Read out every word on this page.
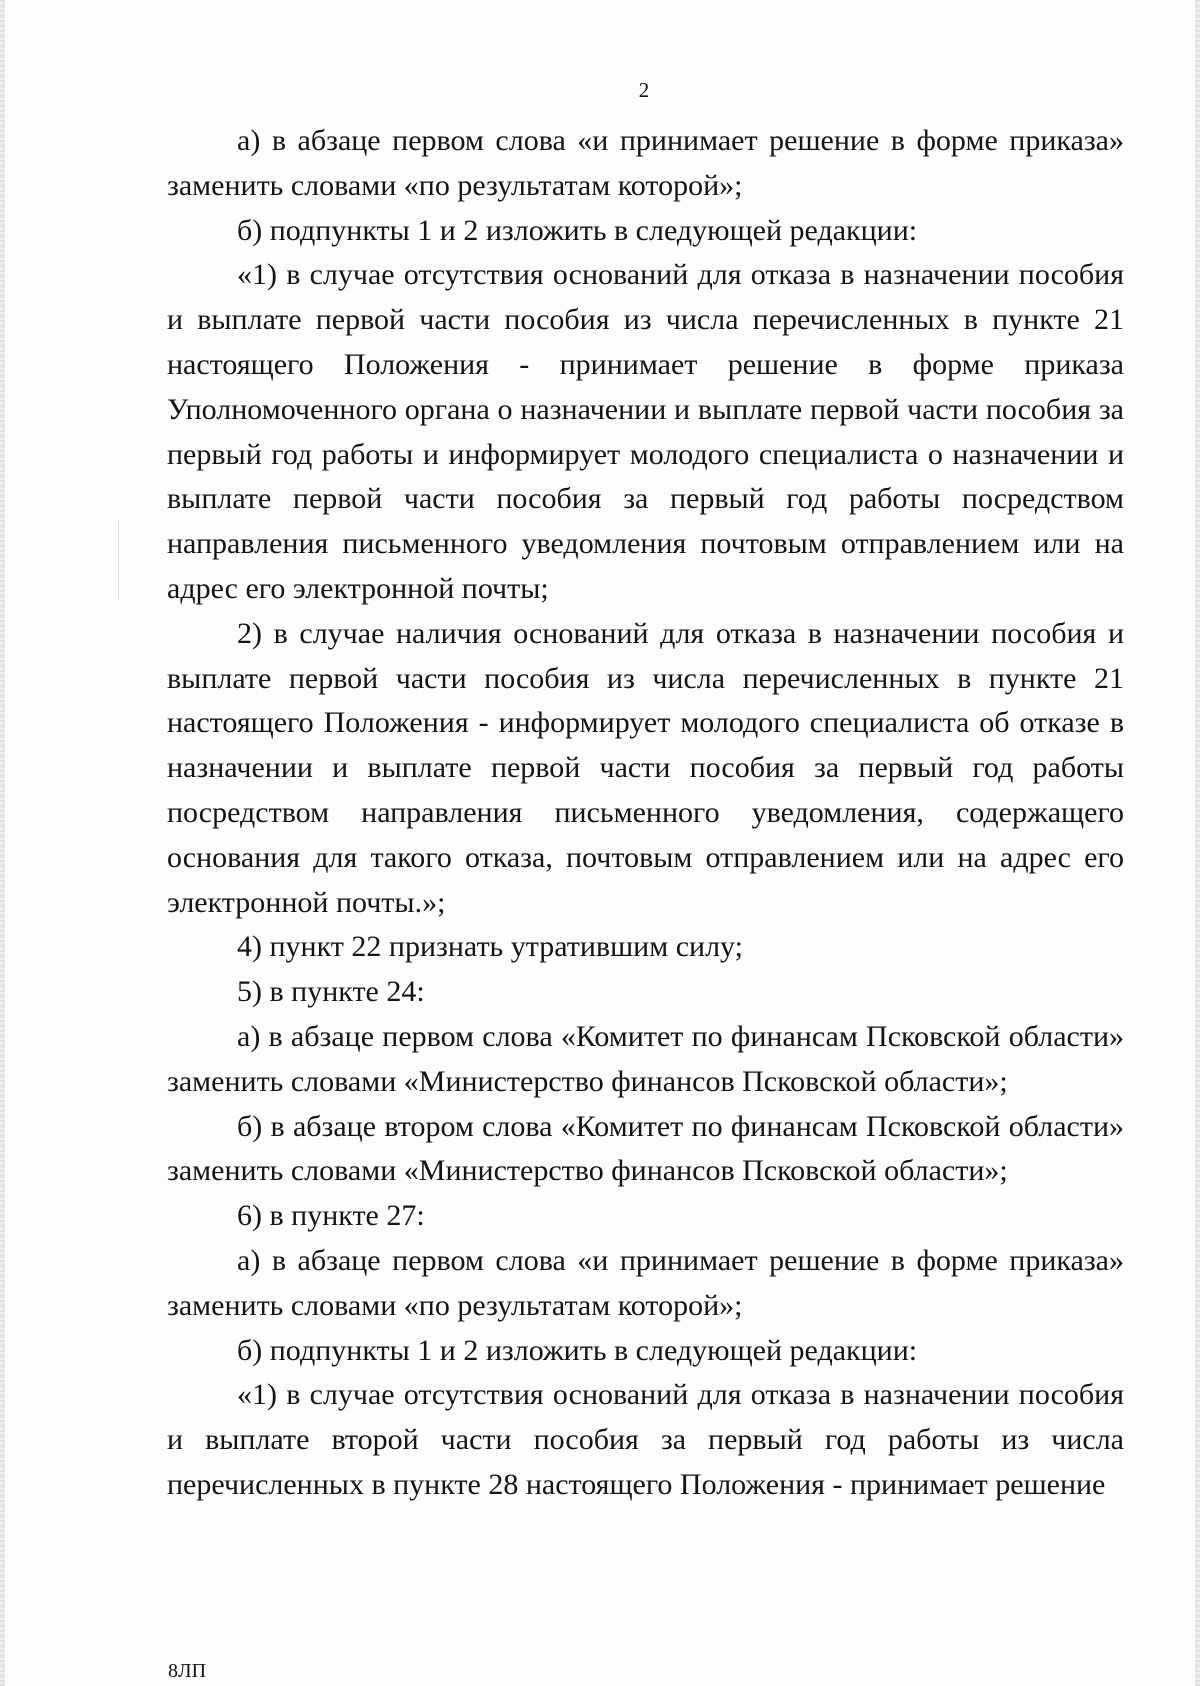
2

а) в абзаце первом слова «и принимает решение в форме приказа» заменить словами «по результатам которой»;

б) подпункты 1 и 2 изложить в следующей редакции:

«1) в случае отсутствия оснований для отказа в назначении пособия и выплате первой части пособия из числа перечисленных в пункте 21 настоящего Положения - принимает решение в форме приказа Уполномоченного органа о назначении и выплате первой части пособия за первый год работы и информирует молодого специалиста о назначении и выплате первой части пособия за первый год работы посредством направления письменного уведомления почтовым отправлением или на адрес его электронной почты;

2) в случае наличия оснований для отказа в назначении пособия и выплате первой части пособия из числа перечисленных в пункте 21 настоящего Положения - информирует молодого специалиста об отказе в назначении и выплате первой части пособия за первый год работы посредством направления письменного уведомления, содержащего основания для такого отказа, почтовым отправлением или на адрес его электронной почты.»;

4) пункт 22 признать утратившим силу;

5) в пункте 24:

а) в абзаце первом слова «Комитет по финансам Псковской области» заменить словами «Министерство финансов Псковской области»;

б) в абзаце втором слова «Комитет по финансам Псковской области» заменить словами «Министерство финансов Псковской области»;

6) в пункте 27:

а) в абзаце первом слова «и принимает решение в форме приказа» заменить словами «по результатам которой»;

б) подпункты 1 и 2 изложить в следующей редакции:

«1) в случае отсутствия оснований для отказа в назначении пособия и выплате второй части пособия за первый год работы из числа перечисленных в пункте 28 настоящего Положения - принимает решение

8ЛП
